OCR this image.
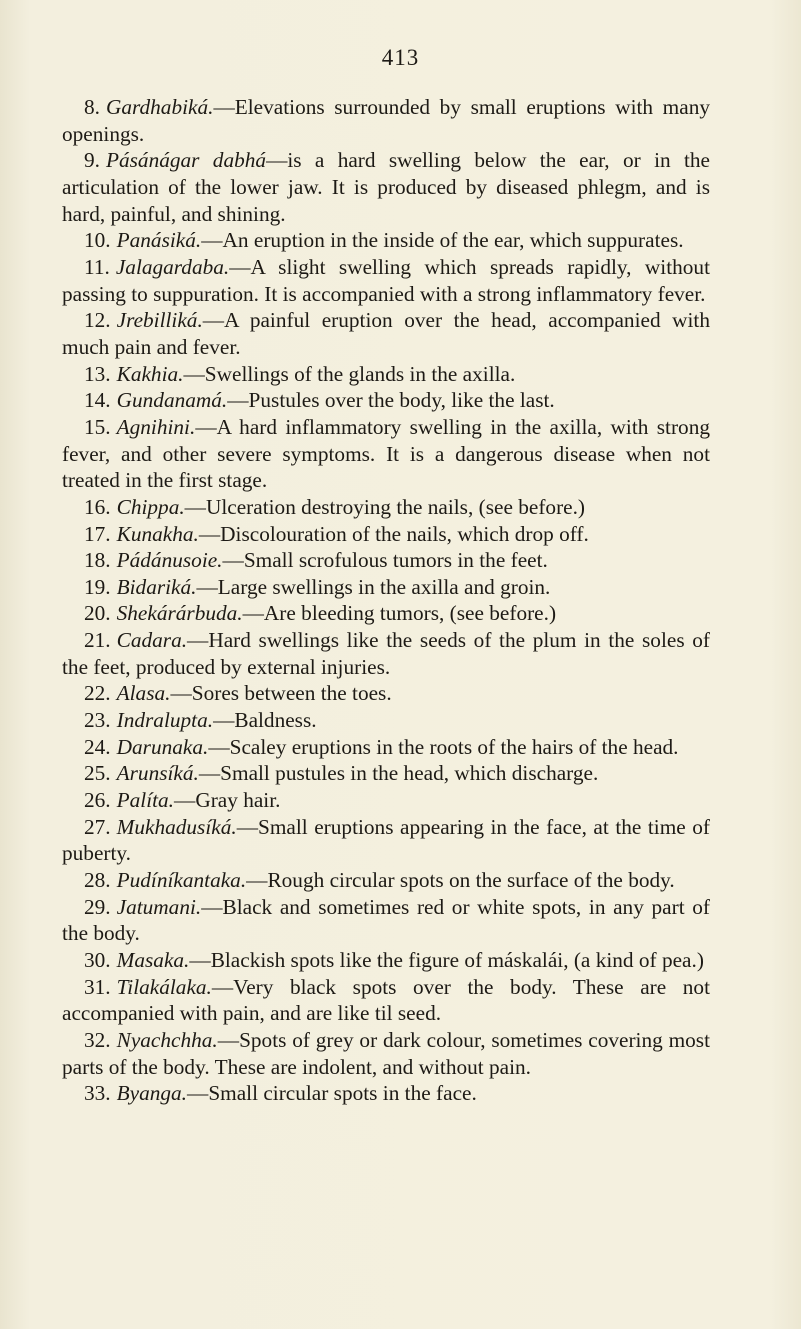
413

8. Gardhabiká.—Elevations surrounded by small eruptions with many openings.

9. Pásánágar dabhá—is a hard swelling below the ear, or in the articulation of the lower jaw. It is produced by diseased phlegm, and is hard, painful, and shining.

10. Panásiká.—An eruption in the inside of the ear, which suppurates.

11. Jalagardaba.—A slight swelling which spreads rapidly, without passing to suppuration. It is accompanied with a strong inflammatory fever.

12. Jrebilliká.—A painful eruption over the head, accompanied with much pain and fever.

13. Kakhia.—Swellings of the glands in the axilla.

14. Gundanamá.—Pustules over the body, like the last.

15. Agnihini.—A hard inflammatory swelling in the axilla, with strong fever, and other severe symptoms. It is a dangerous disease when not treated in the first stage.

16. Chippa.—Ulceration destroying the nails, (see before.)

17. Kunakha.—Discolouration of the nails, which drop off.

18. Pádánusoie.—Small scrofulous tumors in the feet.

19. Bidariká.—Large swellings in the axilla and groin.

20. Shekárárbuda.—Are bleeding tumors, (see before.)

21. Cadara.—Hard swellings like the seeds of the plum in the soles of the feet, produced by external injuries.

22. Alasa.—Sores between the toes.

23. Indralupta.—Baldness.

24. Darunaka.—Scaley eruptions in the roots of the hairs of the head.

25. Arunsíká.—Small pustules in the head, which discharge.

26. Palíta.—Gray hair.

27. Mukhadusíká.—Small eruptions appearing in the face, at the time of puberty.

28. Pudíníkantaka.—Rough circular spots on the surface of the body.

29. Jatumani.—Black and sometimes red or white spots, in any part of the body.

30. Masaka.—Blackish spots like the figure of máskalái, (a kind of pea.)

31. Tilakálaka.—Very black spots over the body. These are not accompanied with pain, and are like til seed.

32. Nyachchha.—Spots of grey or dark colour, sometimes covering most parts of the body. These are indolent, and without pain.

33. Byanga.—Small circular spots in the face.
